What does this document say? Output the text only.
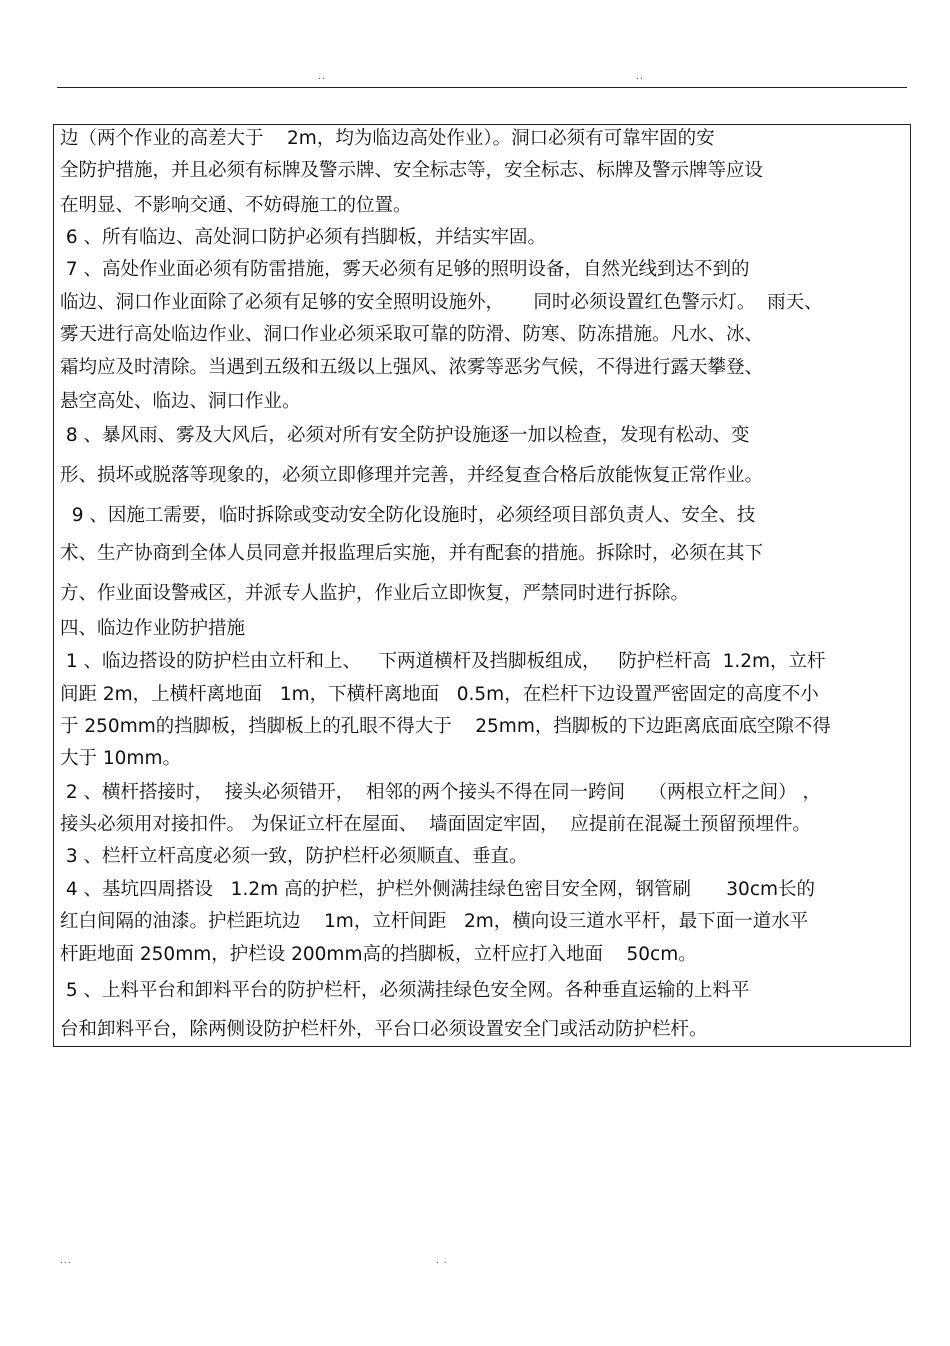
..	..
边（两个作业的高差大于    2m，均为临边高处作业）。洞口必须有可靠牢固的安
全防护措施，并且必须有标牌及警示牌、安全标志等，安全标志、标牌及警示牌等应设
在明显、不影响交通、不妨碍施工的位置。
6 、所有临边、高处洞口防护必须有挡脚板，并结实牢固。
7 、高处作业面必须有防雷措施，雾天必须有足够的照明设备，自然光线到达不到的
临边、洞口作业面除了必须有足够的安全照明设施外，     同时必须设置红色警示灯。  雨天、
雾天进行高处临边作业、洞口作业必须采取可靠的防滑、防寒、防冻措施。凡水、冰、
霜均应及时清除。当遇到五级和五级以上强风、浓雾等恶劣气候，不得进行露天攀登、
悬空高处、临边、洞口作业。
8 、暴风雨、雾及大风后，必须对所有安全防护设施逐一加以检查，发现有松动、变
形、损坏或脱落等现象的，必须立即修理并完善，并经复查合格后放能恢复正常作业。
9 、因施工需要，临时拆除或变动安全防化设施时，必须经项目部负责人、安全、技
术、生产协商到全体人员同意并报监理后实施，并有配套的措施。拆除时，必须在其下
方、作业面设警戒区，并派专人监护，作业后立即恢复，严禁同时进行拆除。
四、临边作业防护措施
1 、临边搭设的防护栏由立杆和上、   下两道横杆及挡脚板组成，   防护栏杆高  1.2m，立杆
间距 2m，上横杆离地面   1m，下横杆离地面   0.5m，在栏杆下边设置严密固定的高度不小
于 250mm的挡脚板，挡脚板上的孔眼不得大于    25mm，挡脚板的下边距离底面底空隙不得
大于 10mm。
2 、横杆搭接时，  接头必须错开，  相邻的两个接头不得在同一跨间    （两根立杆之间） ，
接头必须用对接扣件。 为保证立杆在屋面、  墙面固定牢固，  应提前在混凝土预留预埋件。
3 、栏杆立杆高度必须一致，防护栏杆必须顺直、垂直。
4 、基坑四周搭设   1.2m 高的护栏，护栏外侧满挂绿色密目安全网，钢管刷      30cm长的
红白间隔的油漆。护栏距坑边    1m，立杆间距   2m，横向设三道水平杆，最下面一道水平
杆距地面 250mm，护栏设 200mm高的挡脚板，立杆应打入地面    50cm。
5 、上料平台和卸料平台的防护栏杆，必须满挂绿色安全网。各种垂直运输的上料平
台和卸料平台，除两侧设防护栏杆外，平台口必须设置安全门或活动防护栏杆。
...	. .
